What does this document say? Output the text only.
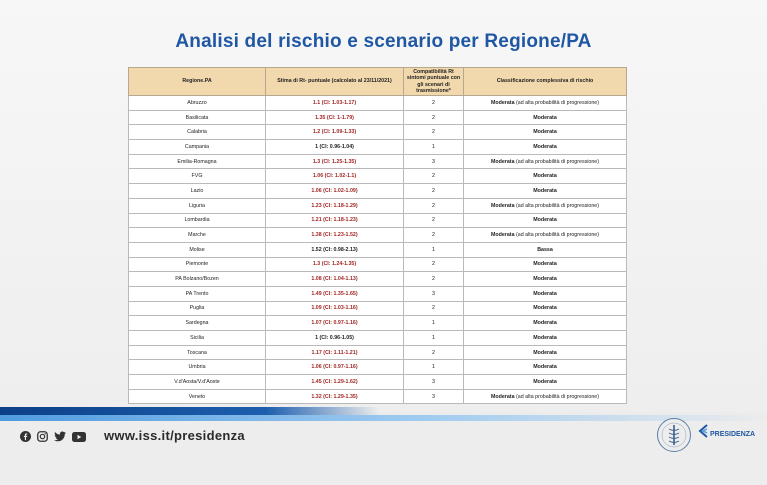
Analisi del rischio e scenario per Regione/PA
Regione.PA	Stima di Rt- puntuale (calcolato al 23/11/2021)	Compatibilità Rt sintomi puntuale con gli scenari di trasmissione*	Classificazione complessiva di rischio
Abruzzo	1.1 (CI: 1.03-1.17)	2	Moderata (ad alta probabilità di progressione)
Basilicata	1.35 (CI: 1-1.79)	2	Moderata
Calabria	1.2 (CI: 1.09-1.33)	2	Moderata
Campania	1 (CI: 0.96-1.04)	1	Moderata
Emilia-Romagna	1.3 (CI: 1.25-1.35)	3	Moderata (ad alta probabilità di progressione)
FVG	1.06 (CI: 1.02-1.1)	2	Moderata
Lazio	1.06 (CI: 1.02-1.09)	2	Moderata
Liguria	1.23 (CI: 1.18-1.29)	2	Moderata (ad alta probabilità di progressione)
Lombardia	1.21 (CI: 1.18-1.23)	2	Moderata
Marche	1.38 (CI: 1.23-1.52)	2	Moderata (ad alta probabilità di progressione)
Molise	1.52 (CI: 0.98-2.13)	1	Bassa
Piemonte	1.3 (CI: 1.24-1.35)	2	Moderata
PA Bolzano/Bozen	1.08 (CI: 1.04-1.13)	2	Moderata
PA Trento	1.49 (CI: 1.35-1.65)	3	Moderata
Puglia	1.09 (CI: 1.03-1.16)	2	Moderata
Sardegna	1.07 (CI: 0.97-1.16)	1	Moderata
Sicilia	1 (CI: 0.96-1.05)	1	Moderata
Toscana	1.17 (CI: 1.11-1.21)	2	Moderata
Umbria	1.06 (CI: 0.97-1.16)	1	Moderata
V.d'Aosta/V.d'Aoste	1.45 (CI: 1.29-1.62)	3	Moderata
Veneto	1.32 (CI: 1.29-1.35)	3	Moderata (ad alta probabilità di progressione)
www.iss.it/presidenza	PRESIDENZA
